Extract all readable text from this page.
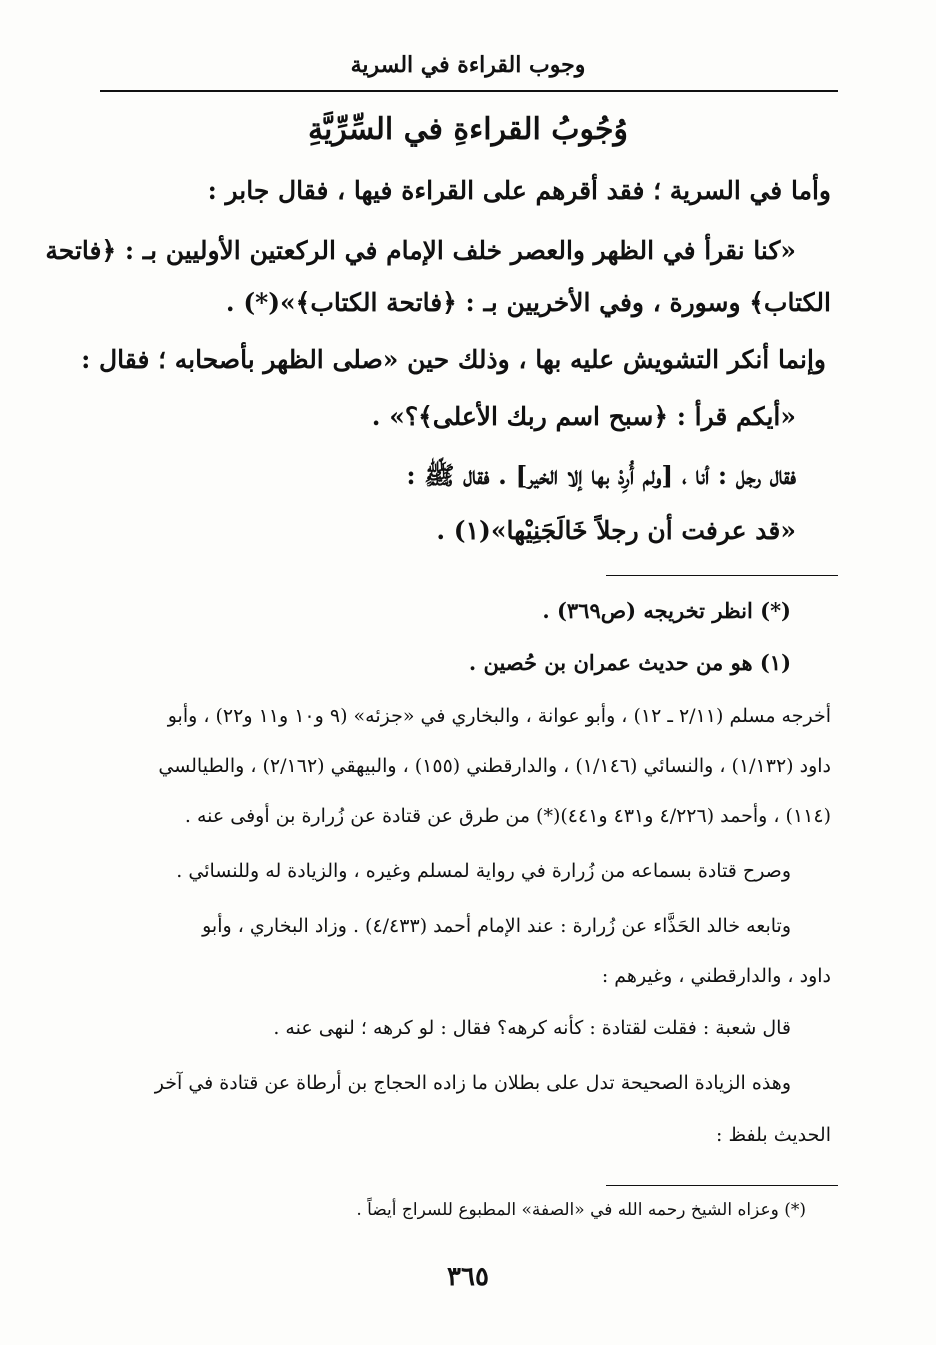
وجوب القراءة في السرية
وُجُوبُ القراءةِ في السِّرِّيَّةِ
وأما في السرية ؛ فقد أقرهم على القراءة فيها ، فقال جابر :
«كنا نقرأ في الظهر والعصر خلف الإمام في الركعتين الأوليين بـ : ﴿فاتحة
الكتاب﴾ وسورة ، وفي الأخريين بـ : ﴿فاتحة الكتاب﴾»(*) .
وإنما أنكر التشويش عليه بها ، وذلك حين «صلى الظهر بأصحابه ؛ فقال :
«أيكم قرأ : ﴿سبح اسم ربك الأعلى﴾؟» .
فقال رجل : أنا ، [ولم أُرِدْ بها إلا الخير] . فقال ﷺ :
«قد عرفت أن رجلاً خَالَجَنِيْها»(١) .
(*) انظر تخريجه (ص٣٦٩) .
(١) هو من حديث عمران بن حُصين .
أخرجه مسلم (٢/١١ ـ ١٢) ، وأبو عوانة ، والبخاري في «جزئه» (٩ و١٠ و١١ و٢٢) ، وأبو
داود (١/١٣٢) ، والنسائي (١/١٤٦) ، والدارقطني (١٥٥) ، والبيهقي (٢/١٦٢) ، والطيالسي
(١١٤) ، وأحمد (٤/٢٢٦ و٤٣١ و٤٤١)(*) من طرق عن قتادة عن زُرارة بن أوفى عنه .
وصرح قتادة بسماعه من زُرارة في رواية لمسلم وغيره ، والزيادة له وللنسائي .
وتابعه خالد الحَذَّاء عن زُرارة : عند الإمام أحمد (٤/٤٣٣) . وزاد البخاري ، وأبو
داود ، والدارقطني ، وغيرهم :
قال شعبة : فقلت لقتادة : كأنه كرهه؟ فقال : لو كرهه ؛ لنهى عنه .
وهذه الزيادة الصحيحة تدل على بطلان ما زاده الحجاج بن أرطاة عن قتادة في آخر
الحديث بلفظ :
(*) وعزاه الشيخ رحمه الله في «الصفة» المطبوع للسراج أيضاً .
٣٦٥
